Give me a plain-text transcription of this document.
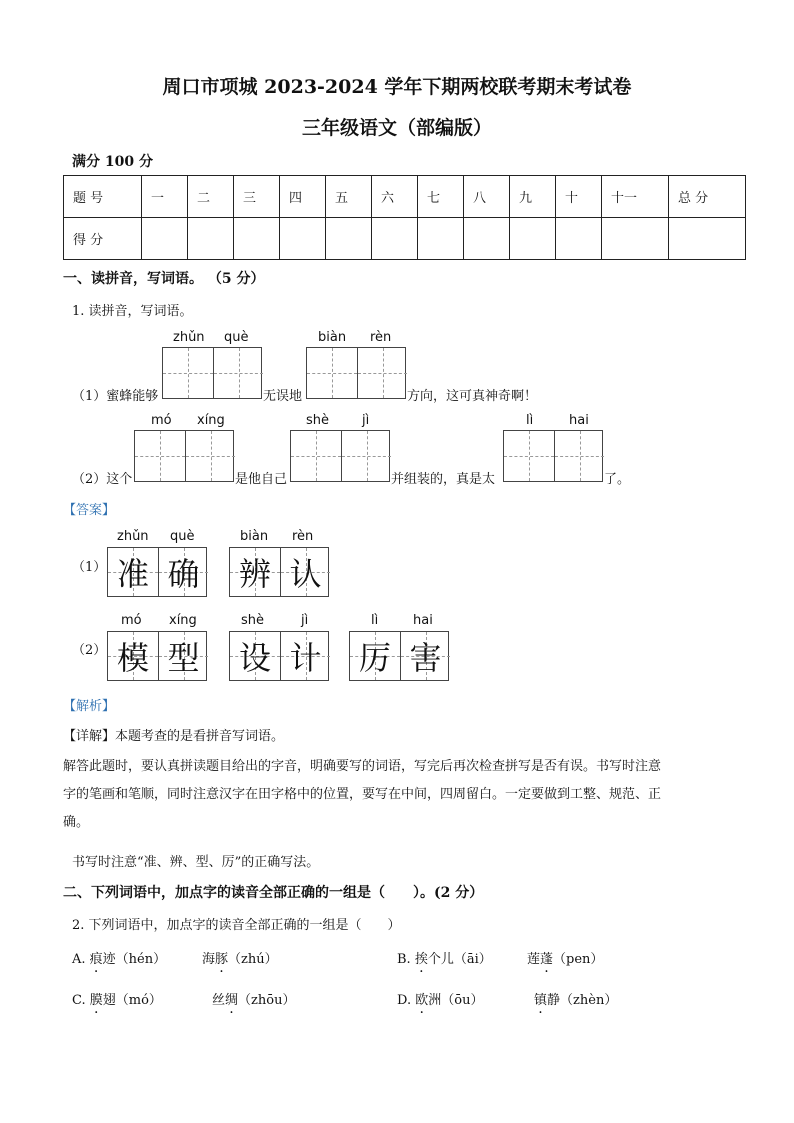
周口市项城 2023-2024 学年下期两校联考期末考试卷
三年级语文（部编版）
满分 100 分
题 号	一	二	三	四	五	六	七	八	九	十	十一	总 分
得 分												
一、读拼音，写词语。 （5 分）
1. 读拼音，写词语。
zhǔn què	biàn rèn
（1）蜜蜂能够	无误地	方向，这可真神奇啊！
mó xíng	shè	jì	lì	hai
（2）这个	是他自己	并组装的，真是太	了。
【答案】
（1）
zhǔn què
准 确
biàn rèn
辨 认
（2）
mó xíng
模 型
shè	jì
设 计
lì	hai
厉 害
【解析】
【详解】本题考查的是看拼音写词语。
解答此题时，要认真拼读题目给出的字音，明确要写的词语，写完后再次检查拼写是否有误。书写时注意
字的笔画和笔顺，同时注意汉字在田字格中的位置，要写在中间，四周留白。一定要做到工整、规范、正
确。
书写时注意“准、辨、型、厉”的正确写法。
二、下列词语中，加点字的读音全部正确的一组是（　　）。(2 分）
2. 下列词语中，加点字的读音全部正确的一组是（　　）
A. 痕迹（hén）	海豚（zhú）	B. 挨个儿（āi）	莲蓬（pen）
C. 膜翅（mó）	丝绸（zhōu）	D. 欧洲（ōu）	镇静（zhèn）
